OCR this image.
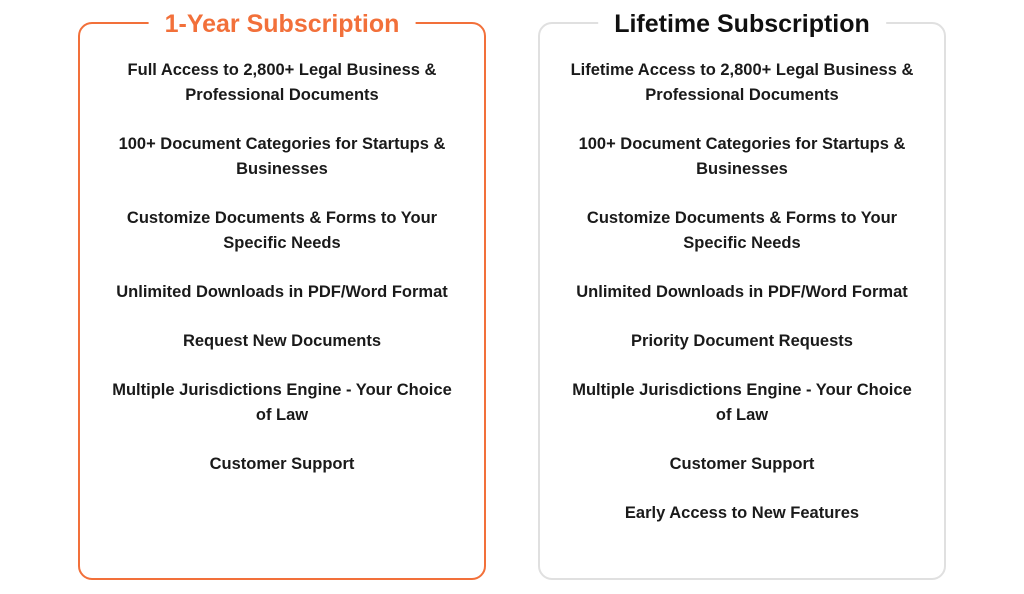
1-Year Subscription
Full Access to 2,800+ Legal Business & Professional Documents
100+ Document Categories for Startups & Businesses
Customize Documents & Forms to Your Specific Needs
Unlimited Downloads in PDF/Word Format
Request New Documents
Multiple Jurisdictions Engine - Your Choice of Law
Customer Support
Lifetime Subscription
Lifetime Access to 2,800+ Legal Business & Professional Documents
100+ Document Categories for Startups & Businesses
Customize Documents & Forms to Your Specific Needs
Unlimited Downloads in PDF/Word Format
Priority Document Requests
Multiple Jurisdictions Engine - Your Choice of Law
Customer Support
Early Access to New Features
